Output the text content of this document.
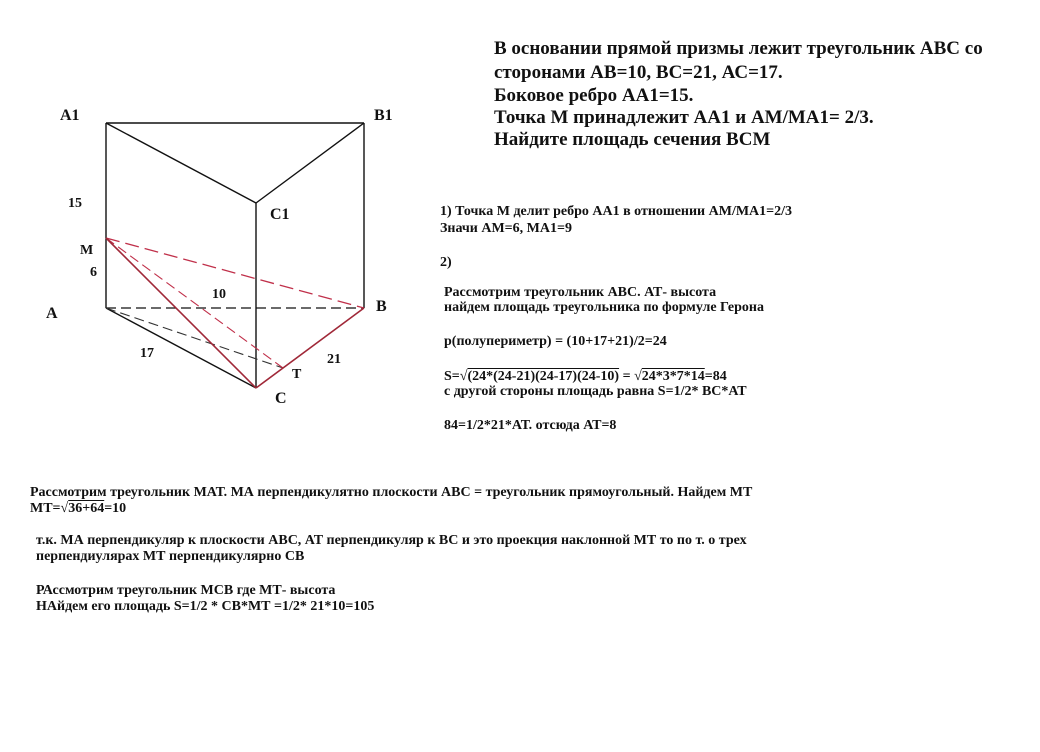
A1	B1
C1
A	B
C
M
T
15
6
10
17	21
В основании прямой призмы лежит треугольник АВС со
сторонами АВ=10, ВС=21, АС=17.
Боковое ребро АА1=15.
Точка М принадлежит АА1 и АМ/МА1= 2/3.
Найдите площадь сечения ВСМ
1) Точка М делит ребро АА1 в отношении АМ/МА1=2/3
Значи АМ=6, МА1=9
2)
Рассмотрим треугольник АВС. АТ- высота
найдем площадь треугольника по формуле Герона
р(полупериметр) = (10+17+21)/2=24
S=√(24*(24-21)(24-17)(24-10) = √24*3*7*14=84
с другой стороны площадь равна S=1/2* ВС*АТ
84=1/2*21*АТ. отсюда АТ=8
Рассмотрим треугольник МАТ. МА перпендикулятно плоскости АВС = треугольник прямоугольный. Найдем МТ
МТ=√36+64=10
т.к. МА перпендикуляр к плоскости АВС, АТ перпендикуляр к ВС и это проекция наклонной МТ то по т. о трех
перпендиулярах МТ перпендикулярно СВ
РАссмотрим треугольник МСВ где МТ- высота
НАйдем его площадь S=1/2 * СВ*МТ =1/2* 21*10=105
